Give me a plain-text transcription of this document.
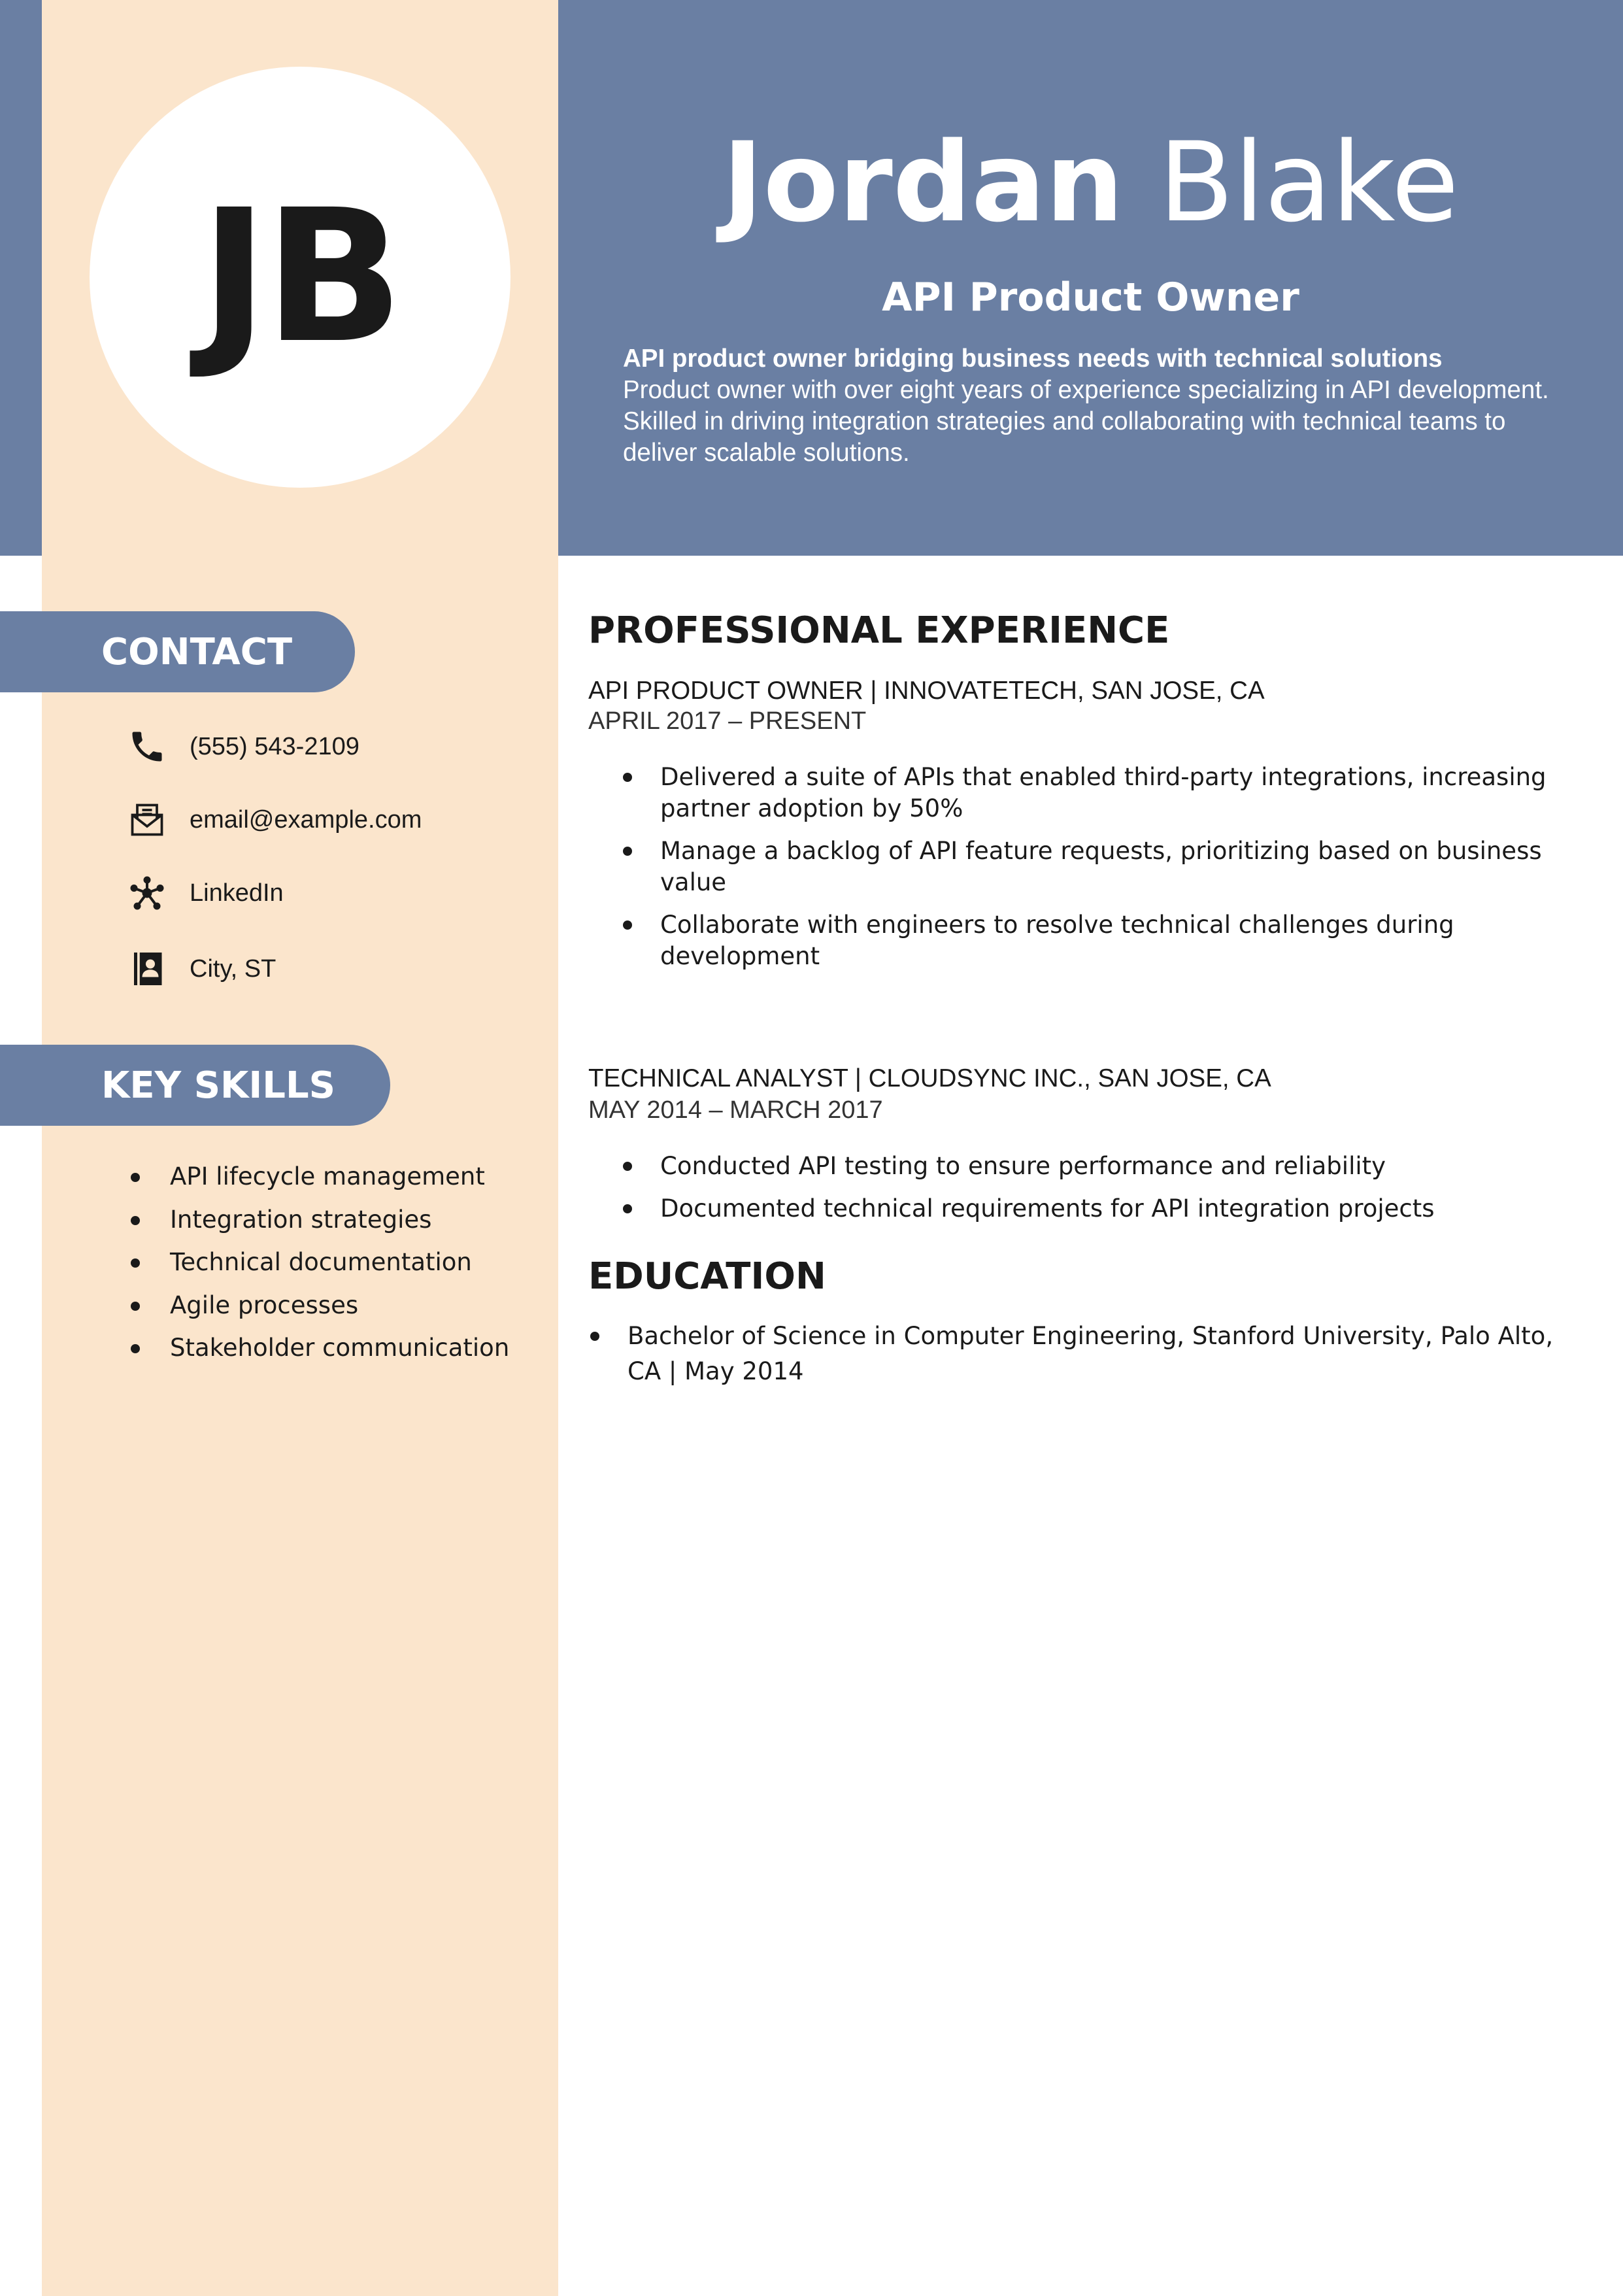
JB	Jordan Blake
API Product Owner
API product owner bridging business needs with technical solutions
Product owner with over eight years of experience specializing in API development. Skilled in driving integration strategies and collaborating with technical teams to deliver scalable solutions.
CONTACT
(555) 543-2109
email@example.com
LinkedIn
City, ST
KEY SKILLS
API lifecycle management
Integration strategies
Technical documentation
Agile processes
Stakeholder communication
PROFESSIONAL EXPERIENCE
API PRODUCT OWNER | INNOVATETECH, SAN JOSE, CA
APRIL 2017 – PRESENT
Delivered a suite of APIs that enabled third-party integrations, increasing partner adoption by 50%
Manage a backlog of API feature requests, prioritizing based on business value
Collaborate with engineers to resolve technical challenges during development
TECHNICAL ANALYST | CLOUDSYNC INC., SAN JOSE, CA
MAY 2014 – MARCH 2017
Conducted API testing to ensure performance and reliability
Documented technical requirements for API integration projects
EDUCATION
Bachelor of Science in Computer Engineering, Stanford University, Palo Alto, CA | May 2014
